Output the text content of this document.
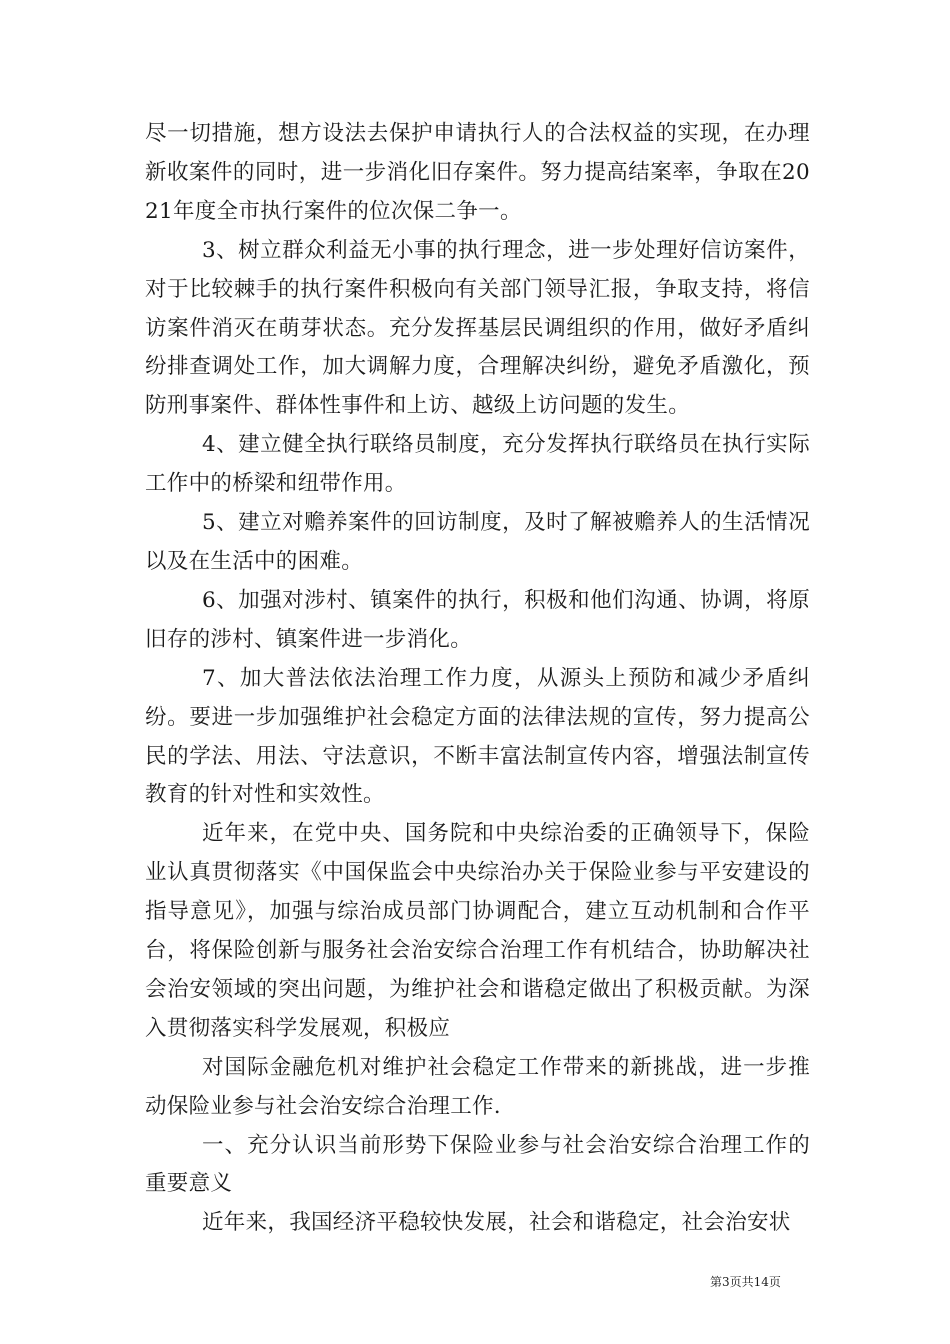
尽一切措施，想方设法去保护申请执行人的合法权益的实现，在办理新收案件的同时，进一步消化旧存案件。努力提高结案率，争取在2021年度全市执行案件的位次保二争一。

3、树立群众利益无小事的执行理念，进一步处理好信访案件，对于比较棘手的执行案件积极向有关部门领导汇报，争取支持，将信访案件消灭在萌芽状态。充分发挥基层民调组织的作用，做好矛盾纠纷排查调处工作，加大调解力度，合理解决纠纷，避免矛盾激化，预防刑事案件、群体性事件和上访、越级上访问题的发生。

4、建立健全执行联络员制度，充分发挥执行联络员在执行实际工作中的桥梁和纽带作用。

5、建立对赡养案件的回访制度，及时了解被赡养人的生活情况以及在生活中的困难。

6、加强对涉村、镇案件的执行，积极和他们沟通、协调，将原旧存的涉村、镇案件进一步消化。

7、加大普法依法治理工作力度，从源头上预防和减少矛盾纠纷。要进一步加强维护社会稳定方面的法律法规的宣传，努力提高公民的学法、用法、守法意识，不断丰富法制宣传内容，增强法制宣传教育的针对性和实效性。

近年来，在党中央、国务院和中央综治委的正确领导下，保险业认真贯彻落实《中国保监会中央综治办关于保险业参与平安建设的指导意见》，加强与综治成员部门协调配合，建立互动机制和合作平台，将保险创新与服务社会治安综合治理工作有机结合，协助解决社会治安领域的突出问题，为维护社会和谐稳定做出了积极贡献。为深入贯彻落实科学发展观，积极应

对国际金融危机对维护社会稳定工作带来的新挑战，进一步推动保险业参与社会治安综合治理工作.

一、充分认识当前形势下保险业参与社会治安综合治理工作的重要意义

近年来，我国经济平稳较快发展，社会和谐稳定，社会治安状

第3页共14页
